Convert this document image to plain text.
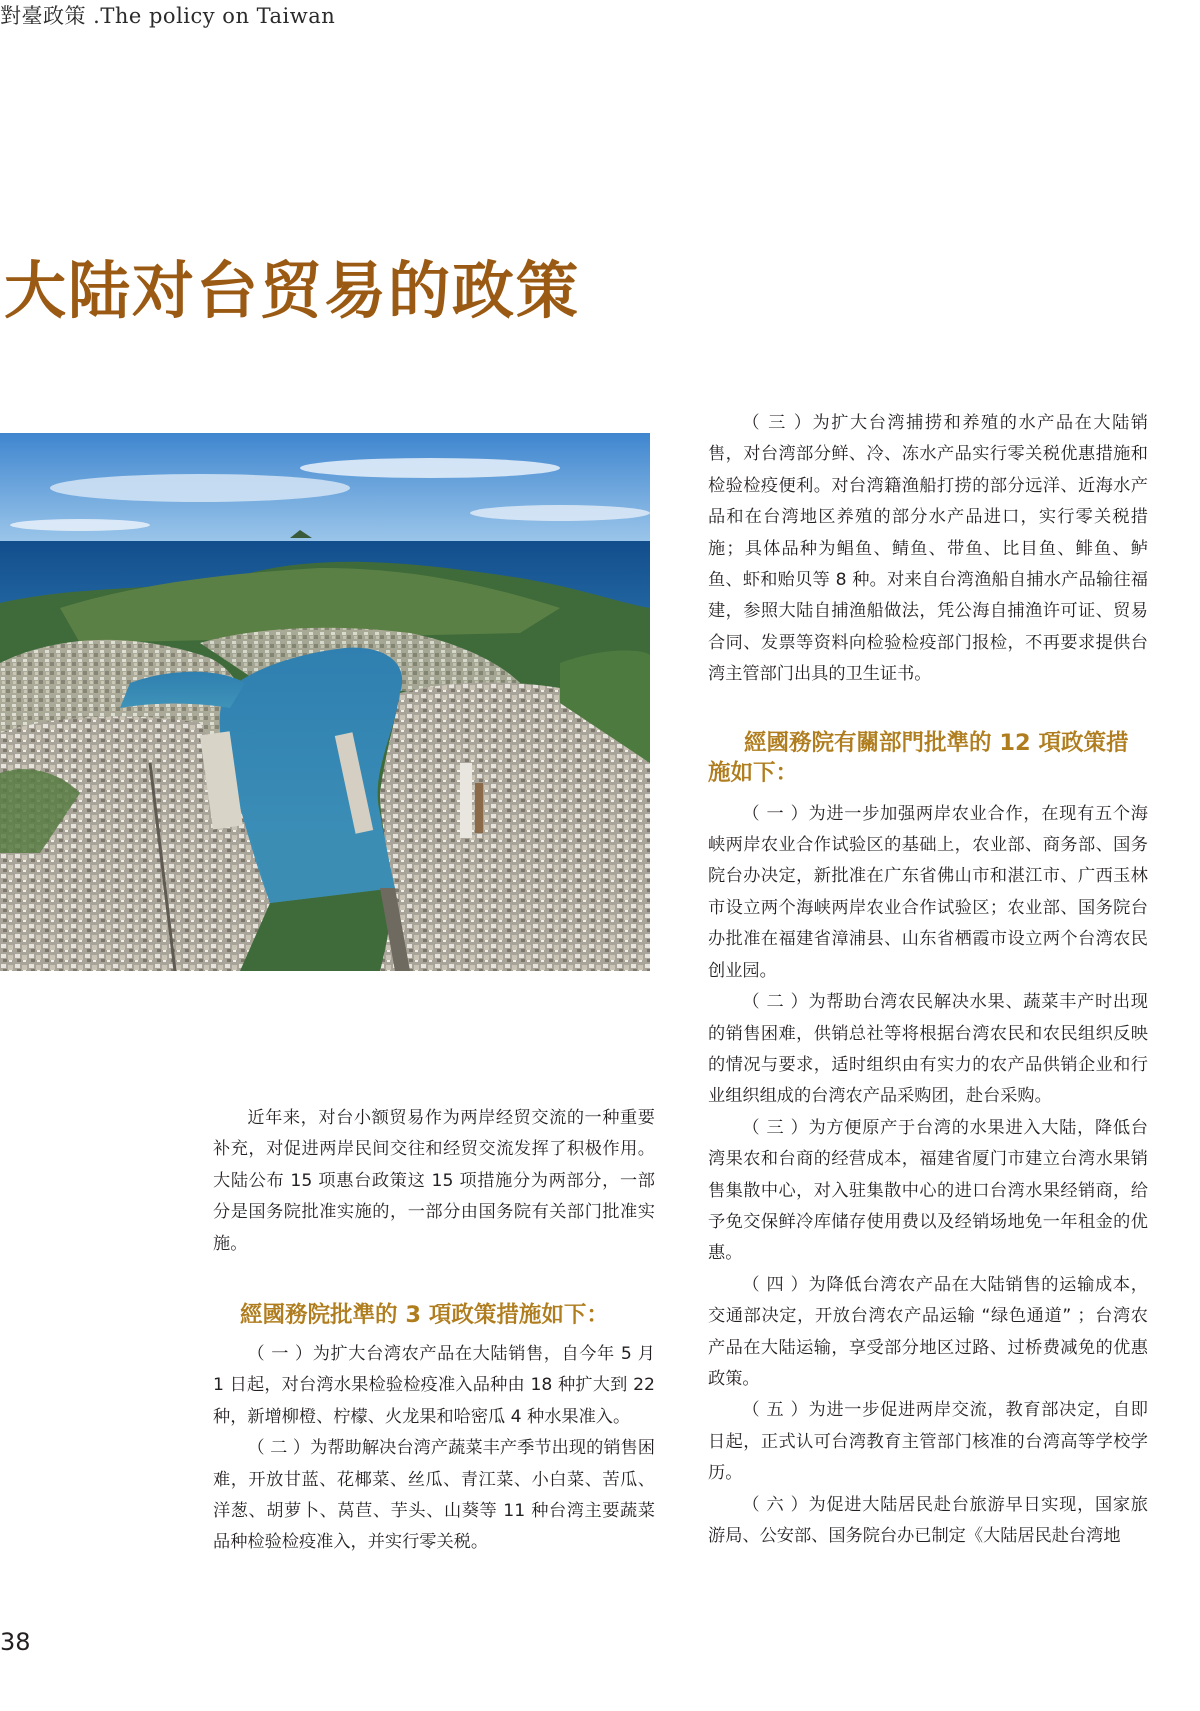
對臺政策 .The policy on Taiwan
大陆对台贸易的政策

近年来，对台小额贸易作为两岸经贸交流的一种重要补充，对促进两岸民间交往和经贸交流发挥了积极作用。大陆公布 15 项惠台政策这 15 项措施分为两部分，一部分是国务院批准实施的，一部分由国务院有关部门批准实施。

經國務院批準的 3 項政策措施如下：

（ 一 ）为扩大台湾农产品在大陆销售，自今年 5 月 1 日起，对台湾水果检验检疫准入品种由 18 种扩大到 22 种，新增柳橙、柠檬、火龙果和哈密瓜 4 种水果准入。

（ 二 ）为帮助解决台湾产蔬菜丰产季节出现的销售困难，开放甘蓝、花椰菜、丝瓜、青江菜、小白菜、苦瓜、洋葱、胡萝卜、莴苣、芋头、山葵等 11 种台湾主要蔬菜品种检验检疫准入，并实行零关税。

（ 三 ）为扩大台湾捕捞和养殖的水产品在大陆销售，对台湾部分鲜、冷、冻水产品实行零关税优惠措施和检验检疫便利。对台湾籍渔船打捞的部分远洋、近海水产品和在台湾地区养殖的部分水产品进口，实行零关税措施；具体品种为鲳鱼、鲭鱼、带鱼、比目鱼、鲱鱼、鲈鱼、虾和贻贝等 8 种。对来自台湾渔船自捕水产品输往福建，参照大陆自捕渔船做法，凭公海自捕渔许可证、贸易合同、发票等资料向检验检疫部门报检，不再要求提供台湾主管部门出具的卫生证书。

經國務院有關部門批準的 12 項政策措施如下：

（ 一 ）为进一步加强两岸农业合作，在现有五个海峡两岸农业合作试验区的基础上，农业部、商务部、国务院台办决定，新批准在广东省佛山市和湛江市、广西玉林市设立两个海峡两岸农业合作试验区；农业部、国务院台办批准在福建省漳浦县、山东省栖霞市设立两个台湾农民创业园。

（ 二 ）为帮助台湾农民解决水果、蔬菜丰产时出现的销售困难，供销总社等将根据台湾农民和农民组织反映的情况与要求，适时组织由有实力的农产品供销企业和行业组织组成的台湾农产品采购团，赴台采购。

（ 三 ）为方便原产于台湾的水果进入大陆，降低台湾果农和台商的经营成本，福建省厦门市建立台湾水果销售集散中心，对入驻集散中心的进口台湾水果经销商，给予免交保鲜冷库储存使用费以及经销场地免一年租金的优惠。

（ 四 ）为降低台湾农产品在大陆销售的运输成本，交通部决定，开放台湾农产品运输 “绿色通道” ；台湾农产品在大陆运输，享受部分地区过路、过桥费减免的优惠政策。

（ 五 ）为进一步促进两岸交流，教育部决定，自即日起，正式认可台湾教育主管部门核准的台湾高等学校学历。

（ 六 ）为促进大陆居民赴台旅游早日实现，国家旅游局、公安部、国务院台办已制定《大陆居民赴台湾地

38
